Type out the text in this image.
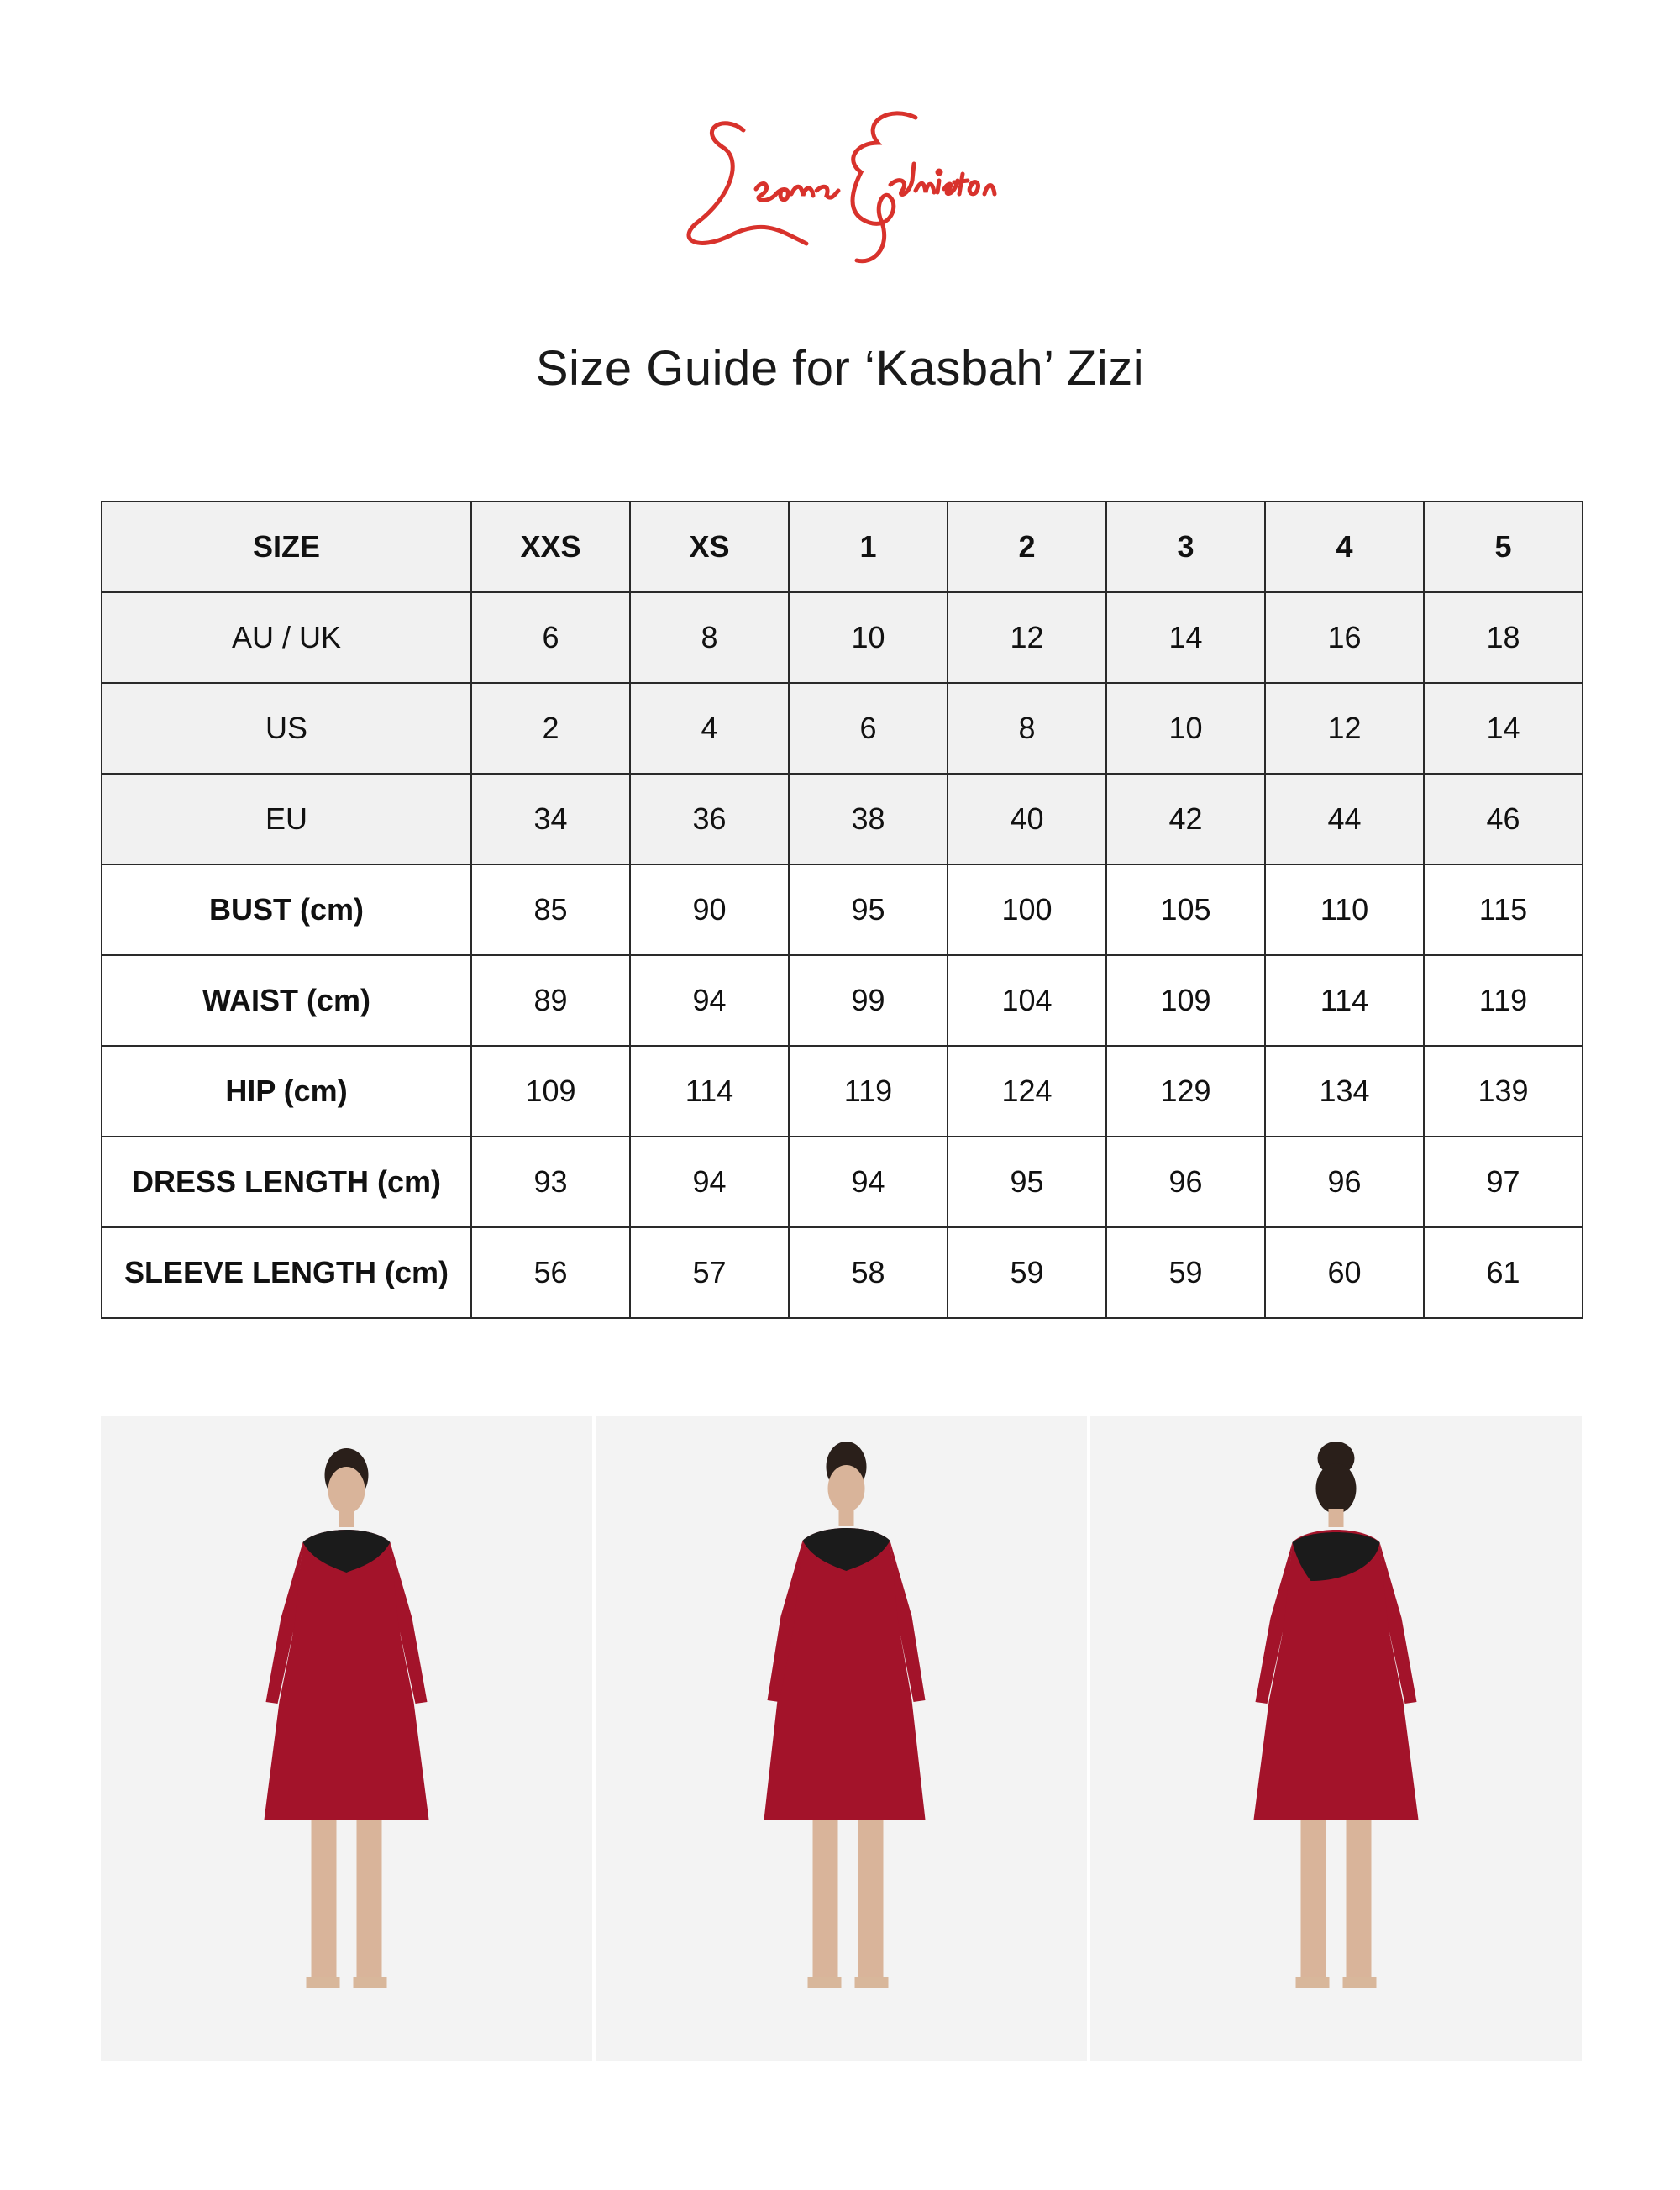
Size Guide for ‘Kasbah’ Zizi
SIZE	XXS	XS	1	2	3	4	5
AU / UK	6	8	10	12	14	16	18
US	2	4	6	8	10	12	14
EU	34	36	38	40	42	44	46
BUST (cm)	85	90	95	100	105	110	115
WAIST (cm)	89	94	99	104	109	114	119
HIP (cm)	109	114	119	124	129	134	139
DRESS LENGTH (cm)	93	94	94	95	96	96	97
SLEEVE LENGTH (cm)	56	57	58	59	59	60	61
